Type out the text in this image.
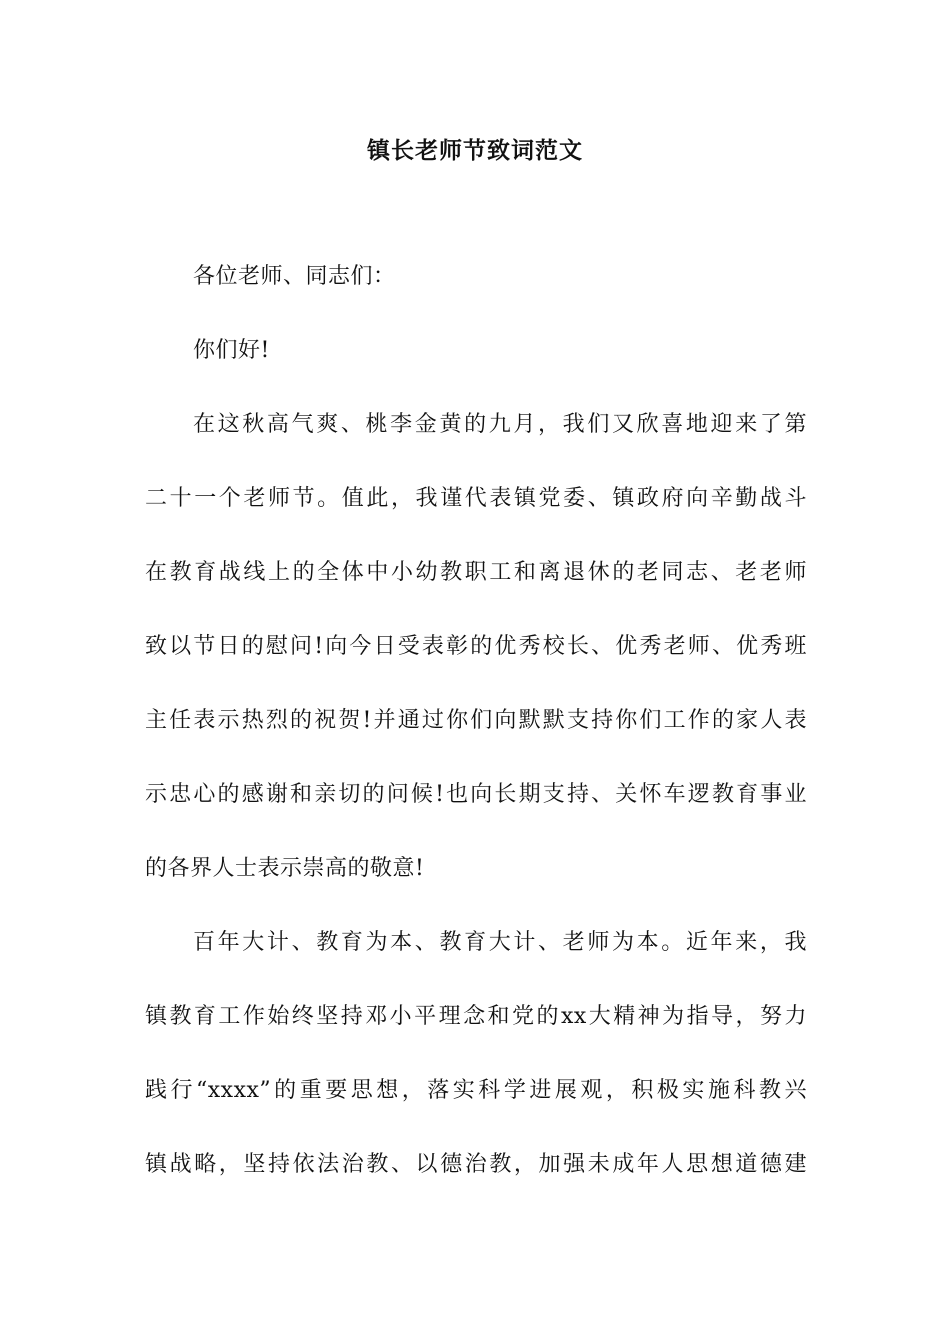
镇长老师节致词范文
各位老师、同志们：
你们好!
在这秋高气爽、桃李金黄的九月，我们又欣喜地迎来了第
二十一个老师节。值此，我谨代表镇党委、镇政府向辛勤战斗
在教育战线上的全体中小幼教职工和离退休的老同志、老老师
致以节日的慰问!向今日受表彰的优秀校长、优秀老师、优秀班
主任表示热烈的祝贺!并通过你们向默默支持你们工作的家人表
示忠心的感谢和亲切的问候!也向长期支持、关怀车逻教育事业
的各界人士表示崇高的敬意!
百年大计、教育为本、教育大计、老师为本。近年来，我
镇教育工作始终坚持邓小平理念和党的xx大精神为指导，努力
践行“xxxx”的重要思想，落实科学进展观，积极实施科教兴
镇战略，坚持依法治教、以德治教，加强未成年人思想道德建
